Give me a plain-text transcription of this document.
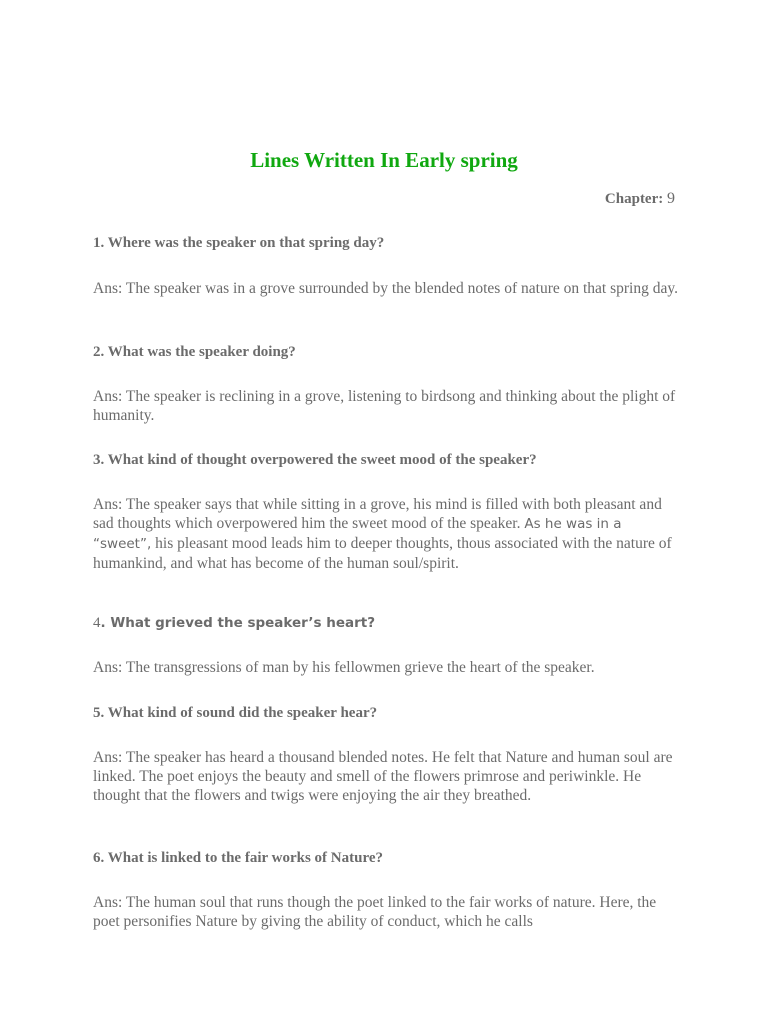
Lines Written In Early spring
Chapter: 9

1. Where was the speaker on that spring day?

Ans: The speaker was in a grove surrounded by the blended notes of nature on that spring day.

2. What was the speaker doing?

Ans: The speaker is reclining in a grove, listening to birdsong and thinking about the plight of humanity.

3. What kind of thought overpowered the sweet mood of the speaker?

Ans: The speaker says that while sitting in a grove, his mind is filled with both pleasant and sad thoughts which overpowered him the sweet mood of the speaker. As he was in a “sweet”, his pleasant mood leads him to deeper thoughts, thous associated with the nature of humankind, and what has become of the human soul/spirit.

4. What grieved the speaker’s heart?

Ans: The transgressions of man by his fellowmen grieve the heart of the speaker.

5. What kind of sound did the speaker hear?

Ans: The speaker has heard a thousand blended notes. He felt that Nature and human soul are linked. The poet enjoys the beauty and smell of the flowers primrose and periwinkle. He thought that the flowers and twigs were enjoying the air they breathed.

6. What is linked to the fair works of Nature?

Ans: The human soul that runs though the poet linked to the fair works of nature. Here, the poet personifies Nature by giving the ability of conduct, which he calls
